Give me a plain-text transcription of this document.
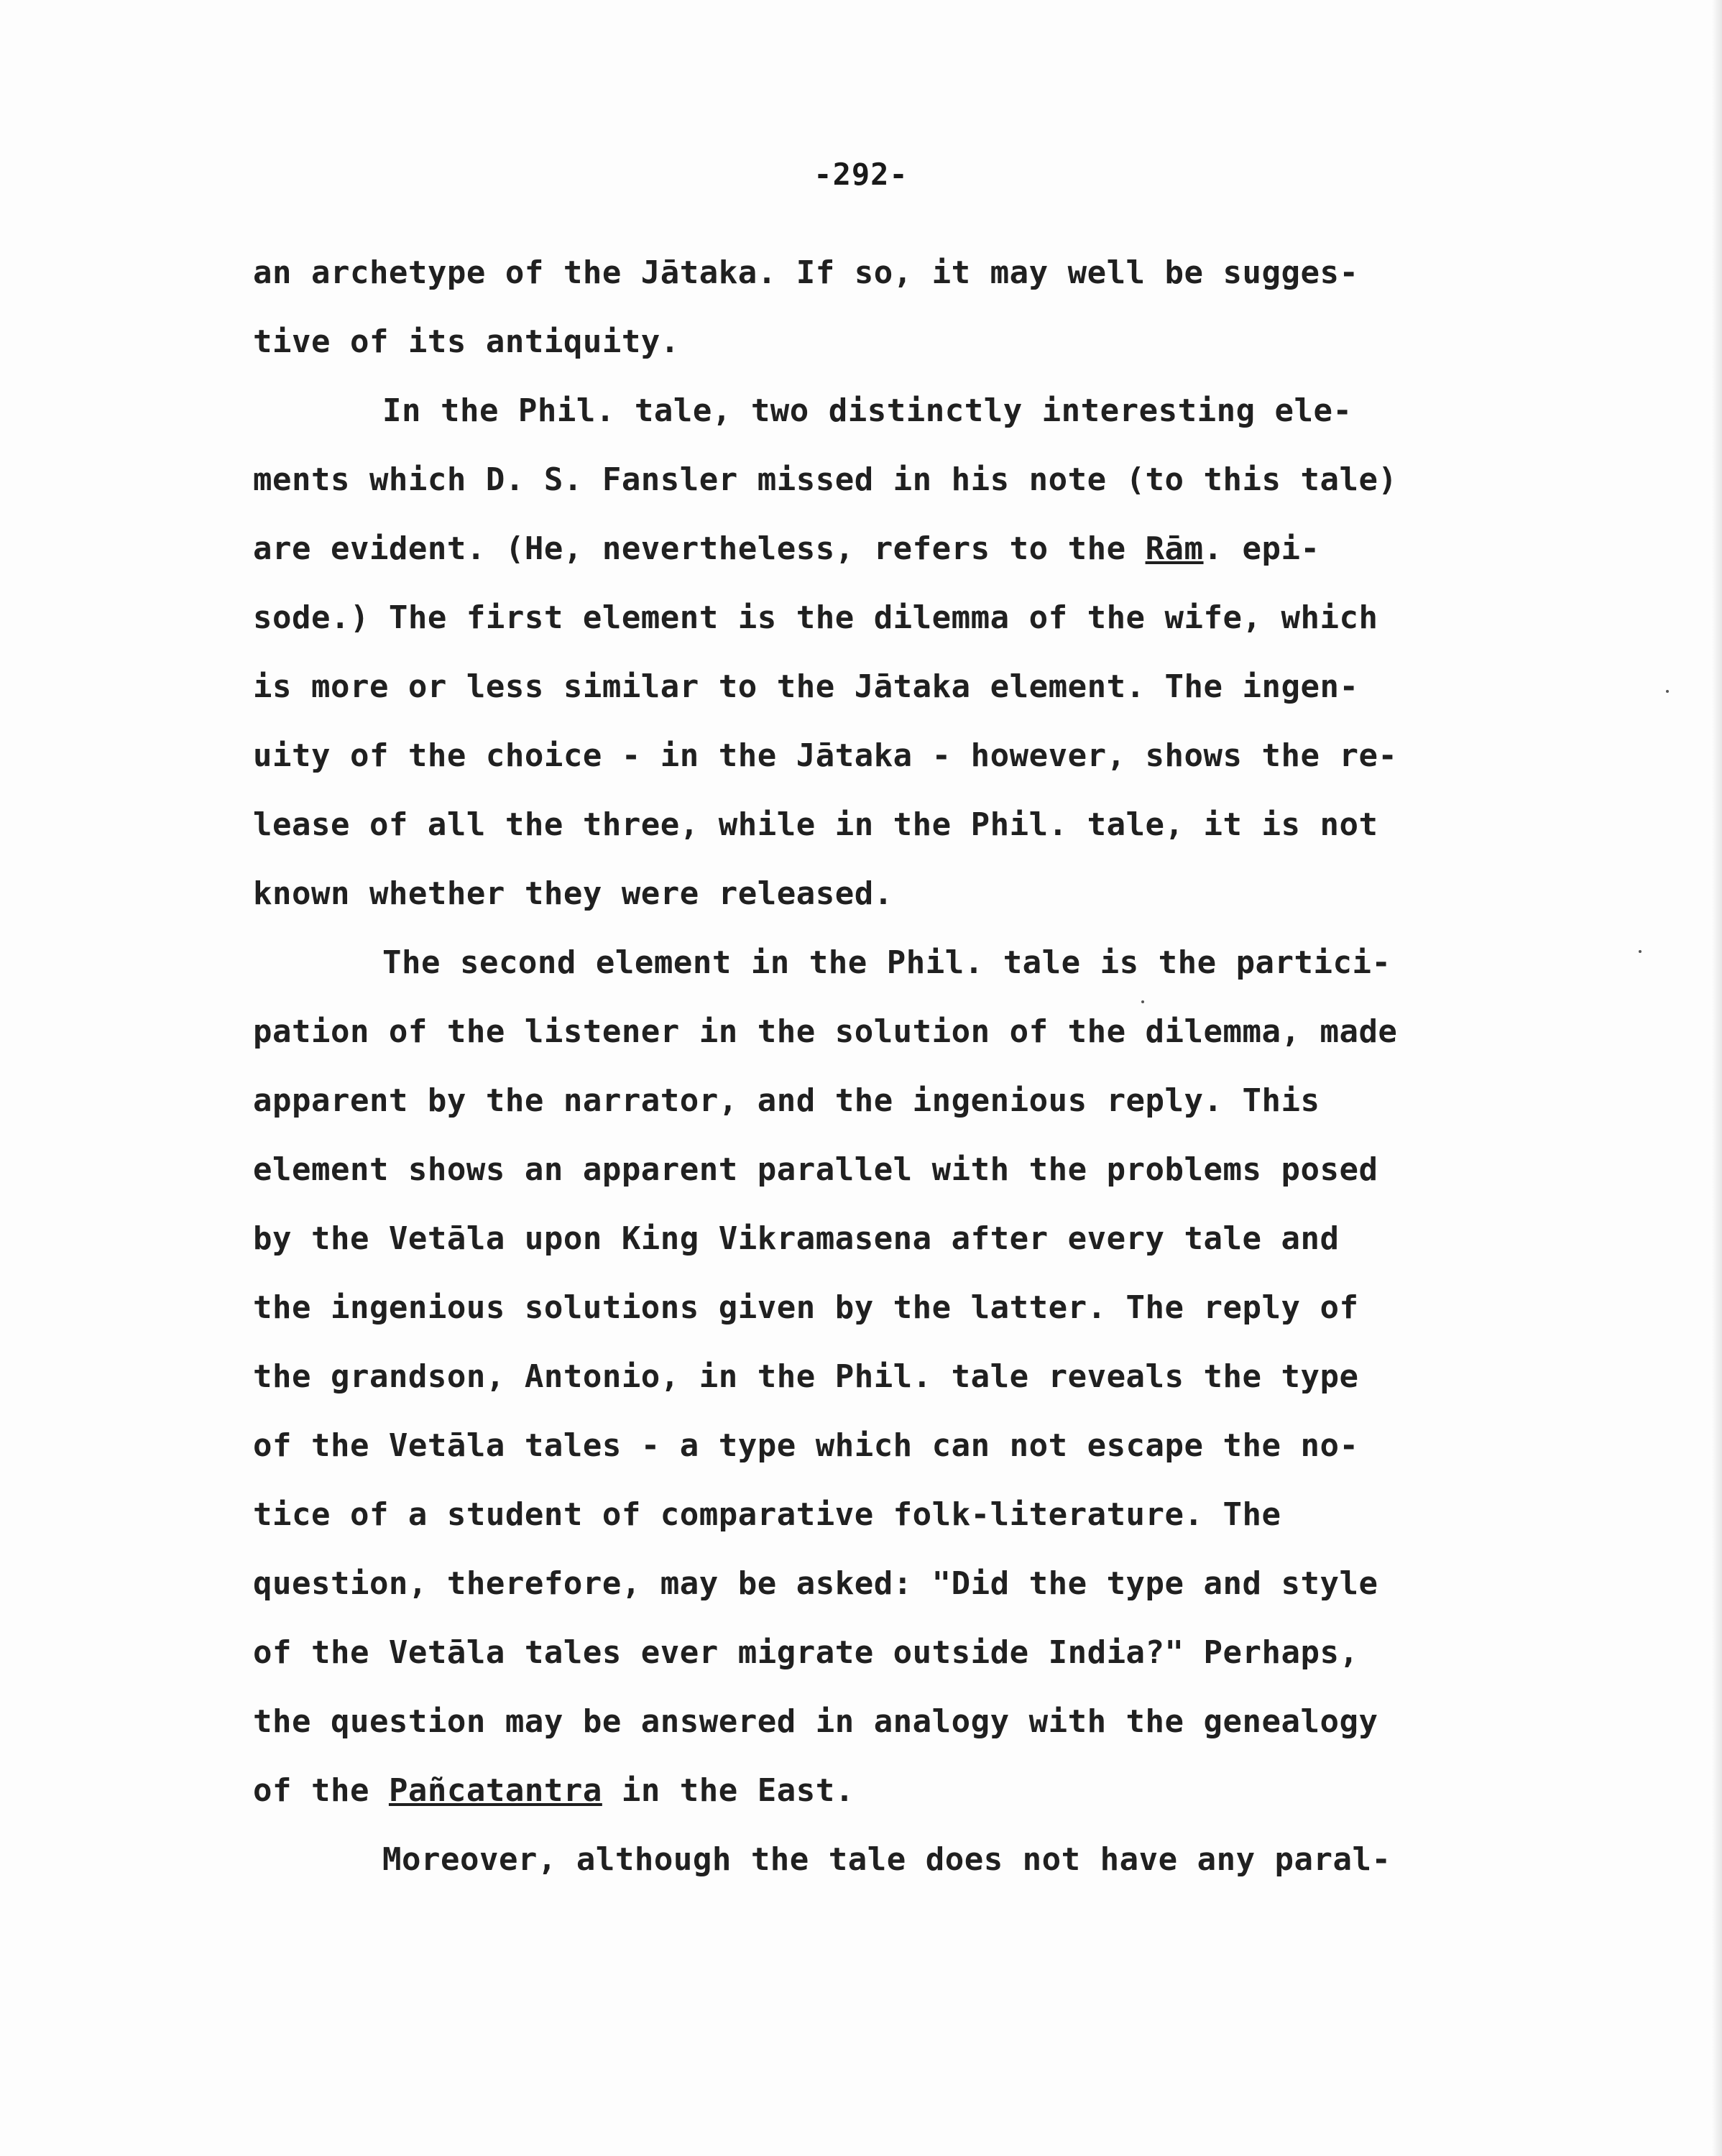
-292-
an archetype of the Jātaka. If so, it may well be sugges-
tive of its antiquity.
In the Phil. tale, two distinctly interesting ele-
ments which D. S. Fansler missed in his note (to this tale)
are evident. (He, nevertheless, refers to the Rām. epi-
sode.) The first element is the dilemma of the wife, which
is more or less similar to the Jātaka element. The ingen-
uity of the choice - in the Jātaka - however, shows the re-
lease of all the three, while in the Phil. tale, it is not
known whether they were released.
The second element in the Phil. tale is the partici-
pation of the listener in the solution of the dilemma, made
apparent by the narrator, and the ingenious reply. This
element shows an apparent parallel with the problems posed
by the Vetāla upon King Vikramasena after every tale and
the ingenious solutions given by the latter. The reply of
the grandson, Antonio, in the Phil. tale reveals the type
of the Vetāla tales - a type which can not escape the no-
tice of a student of comparative folk-literature. The
question, therefore, may be asked: "Did the type and style
of the Vetāla tales ever migrate outside India?" Perhaps,
the question may be answered in analogy with the genealogy
of the Pañcatantra in the East.
Moreover, although the tale does not have any paral-
